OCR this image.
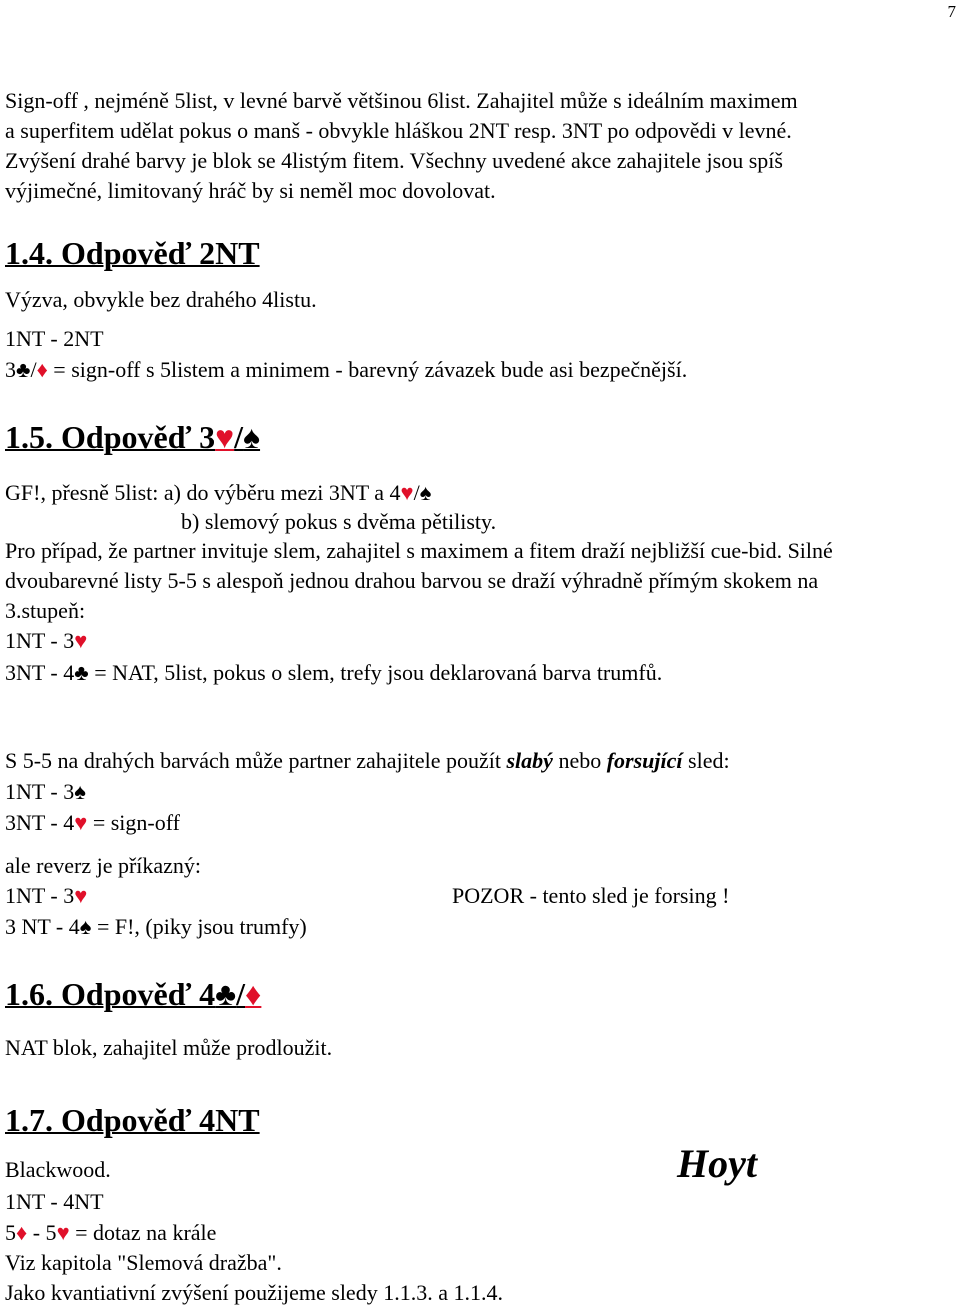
7
Sign-off , nejméně 5list, v levné barvě většinou 6list. Zahajitel může s ideálním maximem
a superfitem udělat pokus o manš - obvykle hláškou 2NT resp. 3NT po odpovědi v levné.
Zvýšení drahé barvy je blok se 4listým fitem. Všechny uvedené akce zahajitele jsou spíš
výjimečné, limitovaný hráč by si neměl moc dovolovat.
1.4. Odpověď 2NT
Výzva, obvykle bez drahého 4listu.
1NT - 2NT
3♣/♦ = sign-off s 5listem a minimem - barevný závazek bude asi bezpečnější.
1.5. Odpověď 3♥/♠
GF!, přesně 5list: a) do výběru mezi 3NT a 4♥/♠
b) slemový pokus s dvěma pětilisty.
Pro případ, že partner invituje slem, zahajitel s maximem a fitem draží nejbližší cue-bid. Silné
dvoubarevné listy 5-5 s alespoň jednou drahou barvou se draží výhradně přímým skokem na
3.stupeň:
1NT - 3♥
3NT - 4♣ = NAT, 5list, pokus o slem, trefy jsou deklarovaná barva trumfů.
S 5-5 na drahých barvách může partner zahajitele použít slabý nebo forsující sled:
1NT - 3♠
3NT - 4♥ = sign-off
ale reverz je příkazný:
1NT - 3♥	POZOR - tento sled je forsing !
3 NT - 4♠ = F!, (piky jsou trumfy)
1.6. Odpověď 4♣/♦
NAT blok, zahajitel může prodloužit.
1.7. Odpověď 4NT
Blackwood.	Hoyt
1NT - 4NT
5♦ - 5♥ = dotaz na krále
Viz kapitola "Slemová dražba".
Jako kvantiativní zvýšení použijeme sledy 1.1.3. a 1.1.4.
